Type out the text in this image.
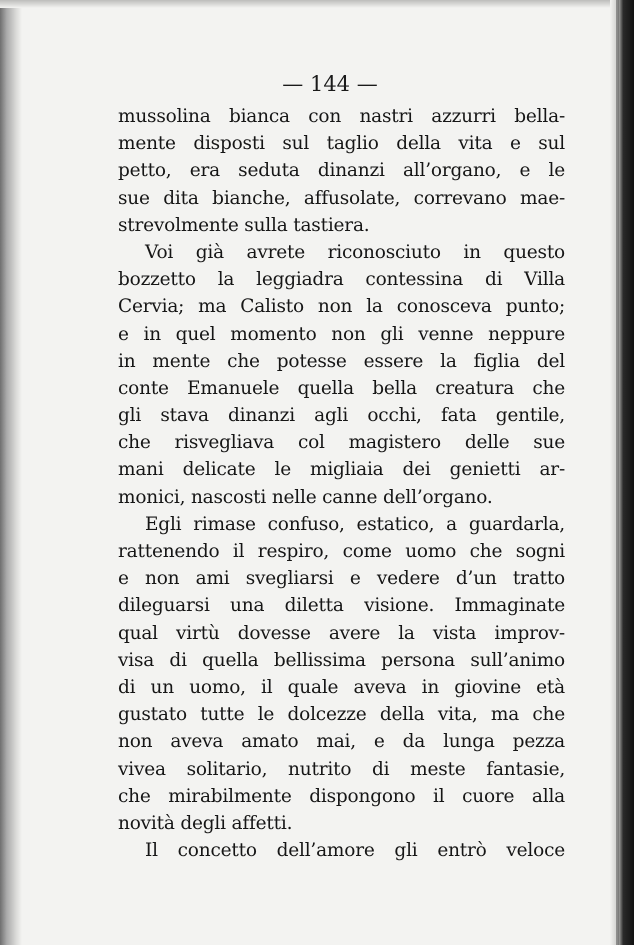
— 144 —
mussolina bianca con nastri azzurri bella-
mente disposti sul taglio della vita e sul
petto, era seduta dinanzi all’organo, e le
sue dita bianche, affusolate, correvano mae-
strevolmente sulla tastiera.
Voi già avrete riconosciuto in questo
bozzetto la leggiadra contessina di Villa
Cervia; ma Calisto non la conosceva punto;
e in quel momento non gli venne neppure
in mente che potesse essere la figlia del
conte Emanuele quella bella creatura che
gli stava dinanzi agli occhi, fata gentile,
che risvegliava col magistero delle sue
mani delicate le migliaia dei genietti ar-
monici, nascosti nelle canne dell’organo.
Egli rimase confuso, estatico, a guardarla,
rattenendo il respiro, come uomo che sogni
e non ami svegliarsi e vedere d’un tratto
dileguarsi una diletta visione. Immaginate
qual virtù dovesse avere la vista improv-
visa di quella bellissima persona sull’animo
di un uomo, il quale aveva in giovine età
gustato tutte le dolcezze della vita, ma che
non aveva amato mai, e da lunga pezza
vivea solitario, nutrito di meste fantasie,
che mirabilmente dispongono il cuore alla
novità degli affetti.
Il concetto dell’amore gli entrò veloce
